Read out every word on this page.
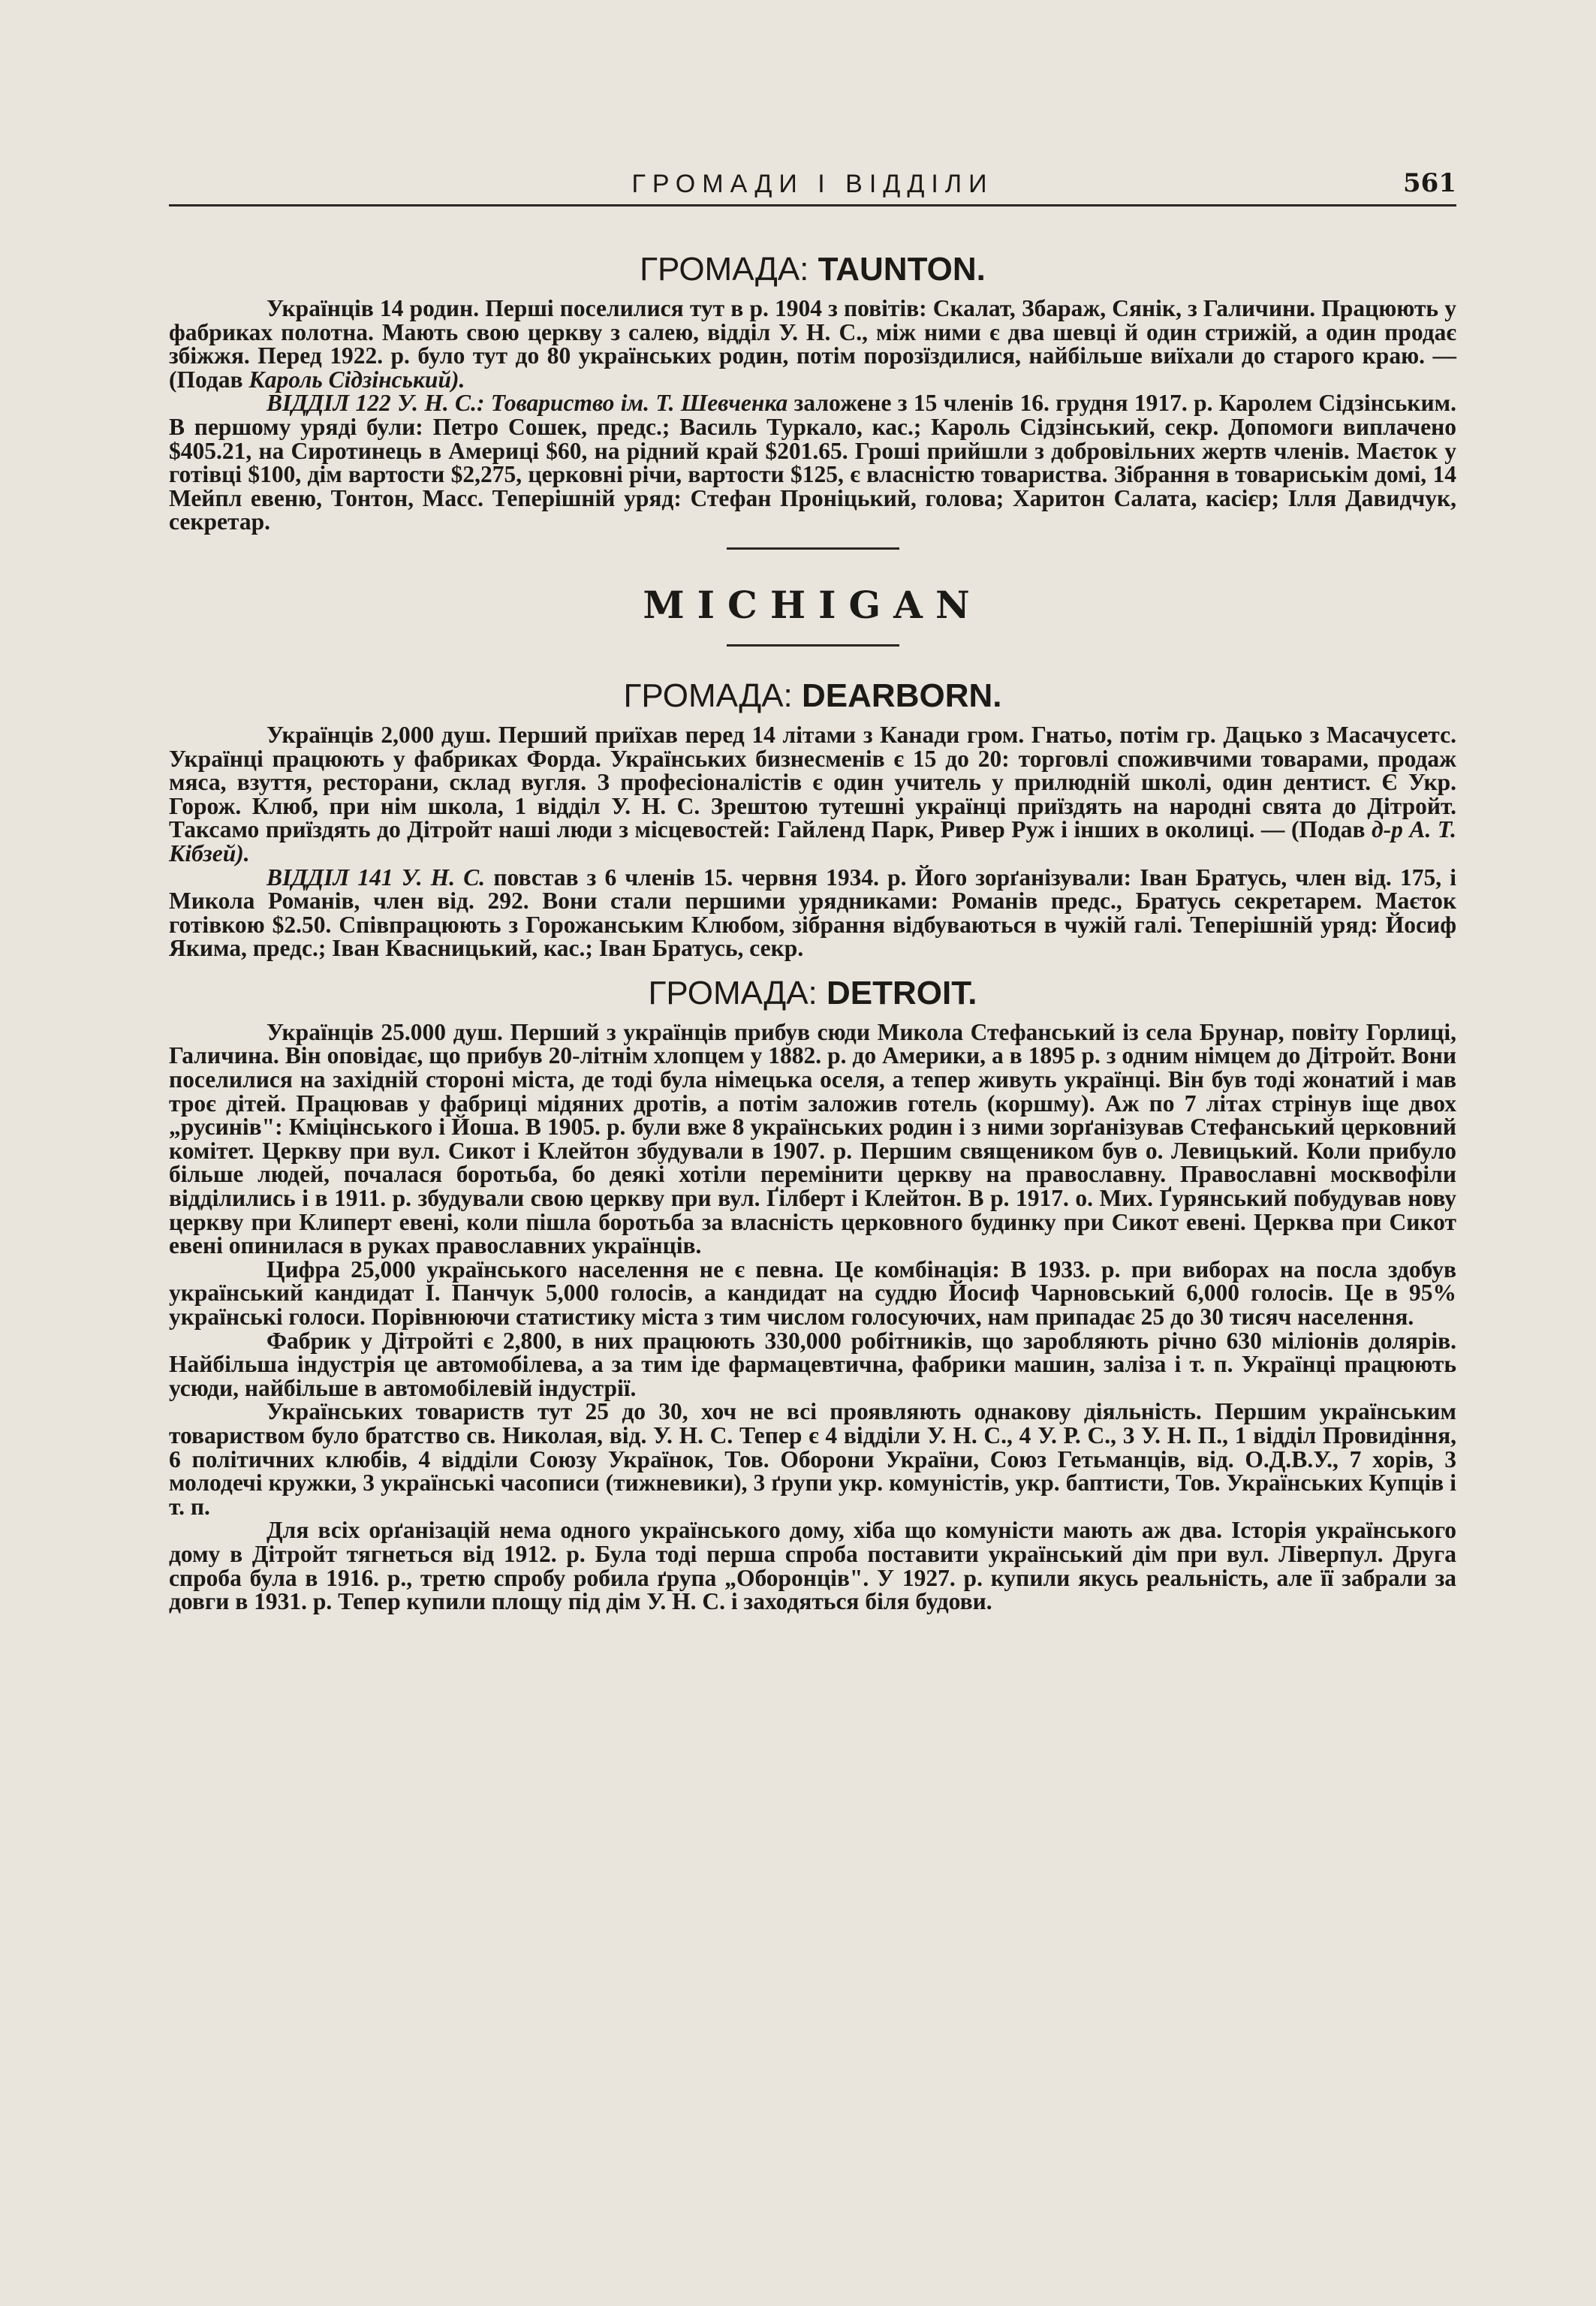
ГРОМАДИ І ВІДДІЛИ	561
ГРОМАДА: TAUNTON.

Українців 14 родин. Перші поселилися тут в р. 1904 з повітів: Скалат, Збараж, Сянік, з Галичини. Працюють у фабриках полотна. Мають свою церкву з салею, відділ У. Н. С., між ними є два шевці й один стрижій, а один продає збіжжя. Перед 1922. р. було тут до 80 українських родин, потім порозїздилися, найбільше виїхали до старого краю. — (Подав Кароль Сідзінський).

ВІДДІЛ 122 У. Н. С.: Товариство ім. Т. Шевченка заложене з 15 членів 16. грудня 1917. р. Каролем Сідзінським. В першому уряді були: Петро Сошек, предс.; Василь Туркало, кас.; Кароль Сідзінський, секр. Допомоги виплачено $405.21, на Сиротинець в Америці $60, на рідний край $201.65. Гроші прийшли з добровільних жертв членів. Маєток у готівці $100, дім вартости $2,275, церковні річи, вартости $125, є власністю товариства. Зібрання в товариськім домі, 14 Мейпл евеню, Тонтон, Масс. Теперішній уряд: Стефан Проніцький, голова; Харитон Салата, касієр; Ілля Давидчук, секретар.

MICHIGAN
ГРОМАДА: DEARBORN.

Українців 2,000 душ. Перший приїхав перед 14 літами з Канади гром. Гнатьо, потім гр. Дацько з Масачусетс. Українці працюють у фабриках Форда. Українських бизнесменів є 15 до 20: торговлі споживчими товарами, продаж мяса, взуття, ресторани, склад вугля. З професіоналістів є один учитель у прилюдній школі, один дентист. Є Укр. Горож. Клюб, при нім школа, 1 відділ У. Н. С. Зрештою тутешні українці приїздять на народні свята до Дітройт. Таксамо приїздять до Дітройт наші люди з місцевостей: Гайленд Парк, Ривер Руж і інших в околиці. — (Подав д-р А. Т. Кібзей).

ВІДДІЛ 141 У. Н. С. повстав з 6 членів 15. червня 1934. р. Його зорґанізували: Іван Братусь, член від. 175, і Микола Романів, член від. 292. Вони стали першими урядниками: Романів предс., Братусь секретарем. Маєток готівкою $2.50. Співпрацюють з Горожанським Клюбом, зібрання відбуваються в чужій галі. Теперішній уряд: Йосиф Якима, предс.; Іван Квасницький, кас.; Іван Братусь, секр.

ГРОМАДА: DETROIT.

Українців 25.000 душ. Перший з українців прибув сюди Микола Стефанський із села Брунар, повіту Горлиці, Галичина. Він оповідає, що прибув 20-літнім хлопцем у 1882. р. до Америки, а в 1895 р. з одним німцем до Дітройт. Вони поселилися на західній стороні міста, де тоді була німецька оселя, а тепер живуть українці. Він був тоді жонатий і мав троє дітей. Працював у фабриці мідяних дротів, а потім заложив готель (коршму). Аж по 7 літах стрінув іще двох „русинів": Кміцінського і Йоша. В 1905. р. були вже 8 українських родин і з ними зорґанізував Стефанський церковний комітет. Церкву при вул. Сикот і Клейтон збудували в 1907. р. Першим священиком був о. Левицький. Коли прибуло більше людей, почалася боротьба, бо деякі хотіли перемінити церкву на православну. Православні москвофіли відділились і в 1911. р. збудували свою церкву при вул. Ґілберт і Клейтон. В р. 1917. о. Мих. Ґурянський побудував нову церкву при Клиперт евені, коли пішла боротьба за власність церковного будинку при Сикот евені. Церква при Сикот евені опинилася в руках православних українців.

Цифра 25,000 українського населення не є певна. Це комбінація: В 1933. р. при виборах на посла здобув український кандидат І. Панчук 5,000 голосів, а кандидат на суддю Йосиф Чарновський 6,000 голосів. Це в 95% українські голоси. Порівнюючи статистику міста з тим числом голосуючих, нам припадає 25 до 30 тисяч населення.

Фабрик у Дітройті є 2,800, в них працюють 330,000 робітників, що заробляють річно 630 міліонів долярів. Найбільша індустрія це автомобілева, а за тим іде фармацевтична, фабрики машин, заліза і т. п. Українці працюють усюди, найбільше в автомобілевій індустрії.

Українських товариств тут 25 до 30, хоч не всі проявляють однакову діяльність. Першим українським товариством було братство св. Николая, від. У. Н. С. Тепер є 4 відділи У. Н. С., 4 У. Р. С., 3 У. Н. П., 1 відділ Провидіння, 6 політичних клюбів, 4 відділи Союзу Українок, Тов. Оборони України, Союз Гетьманців, від. О.Д.В.У., 7 хорів, 3 молодечі кружки, 3 українські часописи (тижневики), 3 ґрупи укр. комуністів, укр. баптисти, Тов. Українських Купців і т. п.

Для всіх орґанізацій нема одного українського дому, хіба що комуністи мають аж два. Історія українського дому в Дітройт тягнеться від 1912. р. Була тоді перша спроба поставити український дім при вул. Ліверпул. Друга спроба була в 1916. р., третю спробу робила ґрупа „Оборонців". У 1927. р. купили якусь реальність, але її забрали за довги в 1931. р. Тепер купили площу під дім У. Н. С. і заходяться біля будови.
